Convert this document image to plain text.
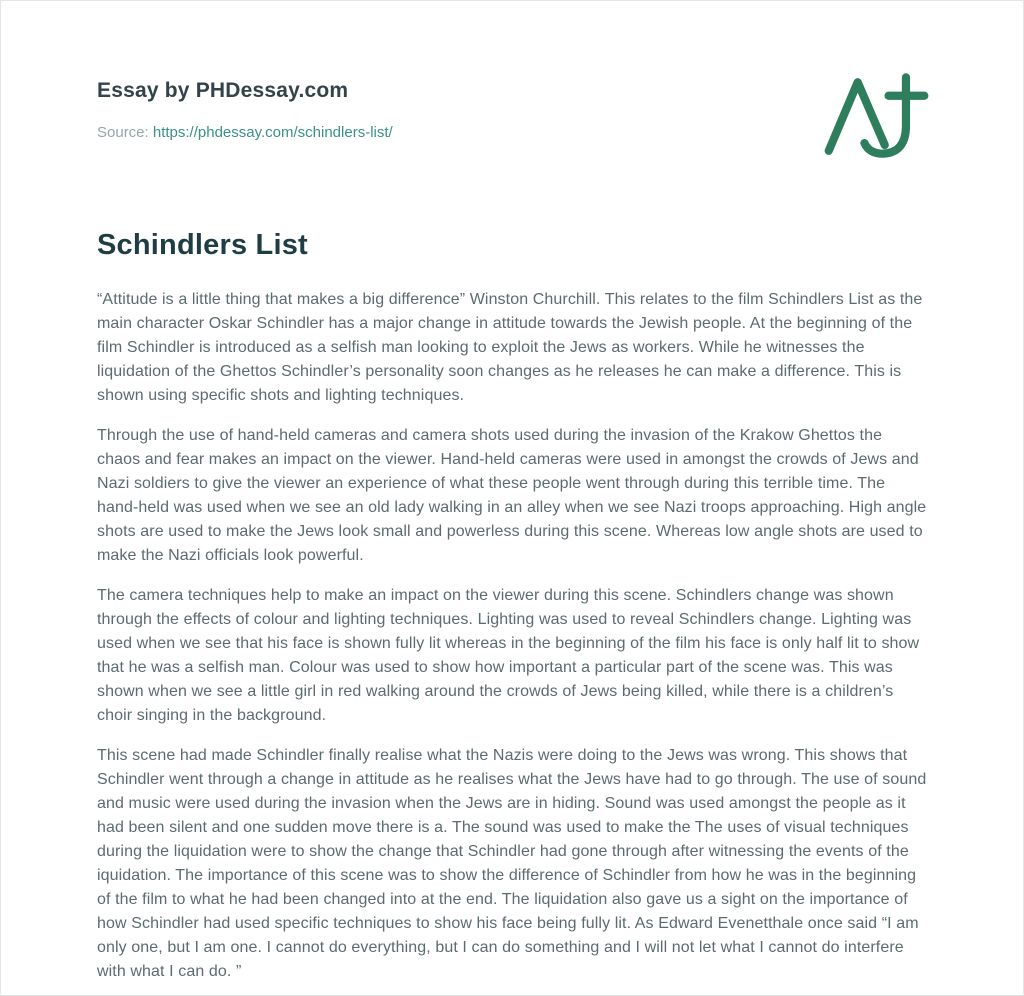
Essay by PHDessay.com
Source: https://phdessay.com/schindlers-list/
Schindlers List

“Attitude is a little thing that makes a big difference” Winston Churchill. This relates to the film Schindlers List as the main character Oskar Schindler has a major change in attitude towards the Jewish people. At the beginning of the film Schindler is introduced as a selfish man looking to exploit the Jews as workers. While he witnesses the liquidation of the Ghettos Schindler’s personality soon changes as he releases he can make a difference. This is shown using specific shots and lighting techniques.

Through the use of hand-held cameras and camera shots used during the invasion of the Krakow Ghettos the chaos and fear makes an impact on the viewer. Hand-held cameras were used in amongst the crowds of Jews and Nazi soldiers to give the viewer an experience of what these people went through during this terrible time. The hand-held was used when we see an old lady walking in an alley when we see Nazi troops approaching. High angle shots are used to make the Jews look small and powerless during this scene. Whereas low angle shots are used to make the Nazi officials look powerful.

The camera techniques help to make an impact on the viewer during this scene. Schindlers change was shown through the effects of colour and lighting techniques. Lighting was used to reveal Schindlers change. Lighting was used when we see that his face is shown fully lit whereas in the beginning of the film his face is only half lit to show that he was a selfish man. Colour was used to show how important a particular part of the scene was. This was shown when we see a little girl in red walking around the crowds of Jews being killed, while there is a children’s choir singing in the background.

This scene had made Schindler finally realise what the Nazis were doing to the Jews was wrong. This shows that Schindler went through a change in attitude as he realises what the Jews have had to go through. The use of sound and music were used during the invasion when the Jews are in hiding. Sound was used amongst the people as it had been silent and one sudden move there is a. The sound was used to make the The uses of visual techniques during the liquidation were to show the change that Schindler had gone through after witnessing the events of the iquidation. The importance of this scene was to show the difference of Schindler from how he was in the beginning of the film to what he had been changed into at the end. The liquidation also gave us a sight on the importance of how Schindler had used specific techniques to show his face being fully lit. As Edward Evenetthale once said “I am only one, but I am one. I cannot do everything, but I can do something and I will not let what I cannot do interfere with what I can do. ”
